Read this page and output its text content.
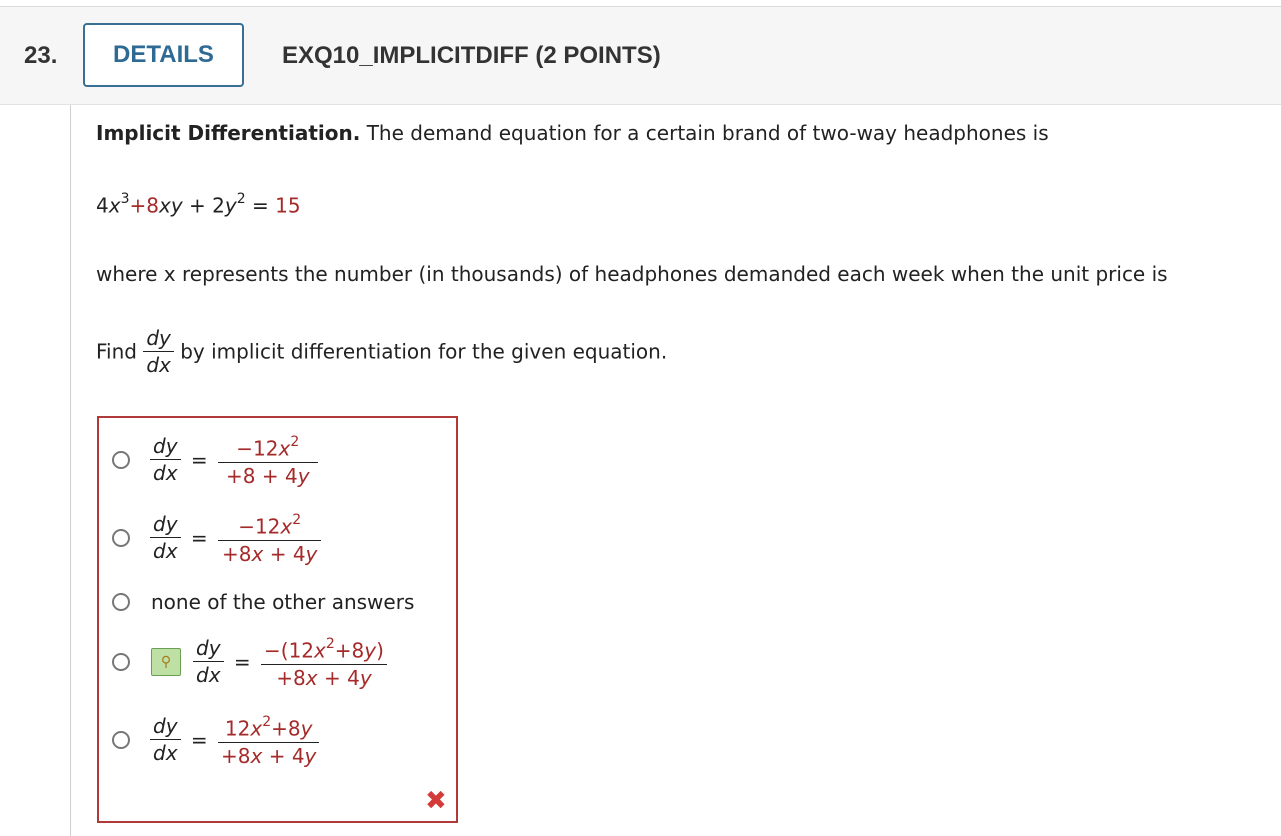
23.	DETAILS	EXQ10_IMPLICITDIFF (2 POINTS)
Implicit Differentiation. The demand equation for a certain brand of two-way headphones is
$4x^3+8xy + 2y^2 = 15$
where x represents the number (in thousands) of headphones demanded each week when the unit price is
Find $\frac{dy}{dx}$ by implicit differentiation for the given equation.
$\frac{dy}{dx} = \frac{-12x^2}{+8 + 4y}$
$\frac{dy}{dx} = \frac{-12x^2}{+8x + 4y}$
none of the other answers
⚲	$\frac{dy}{dx} = \frac{-(12x^2+8y)}{+8x + 4y}$
$\frac{dy}{dx} = \frac{12x^2+8y}{+8x + 4y}$
✖
